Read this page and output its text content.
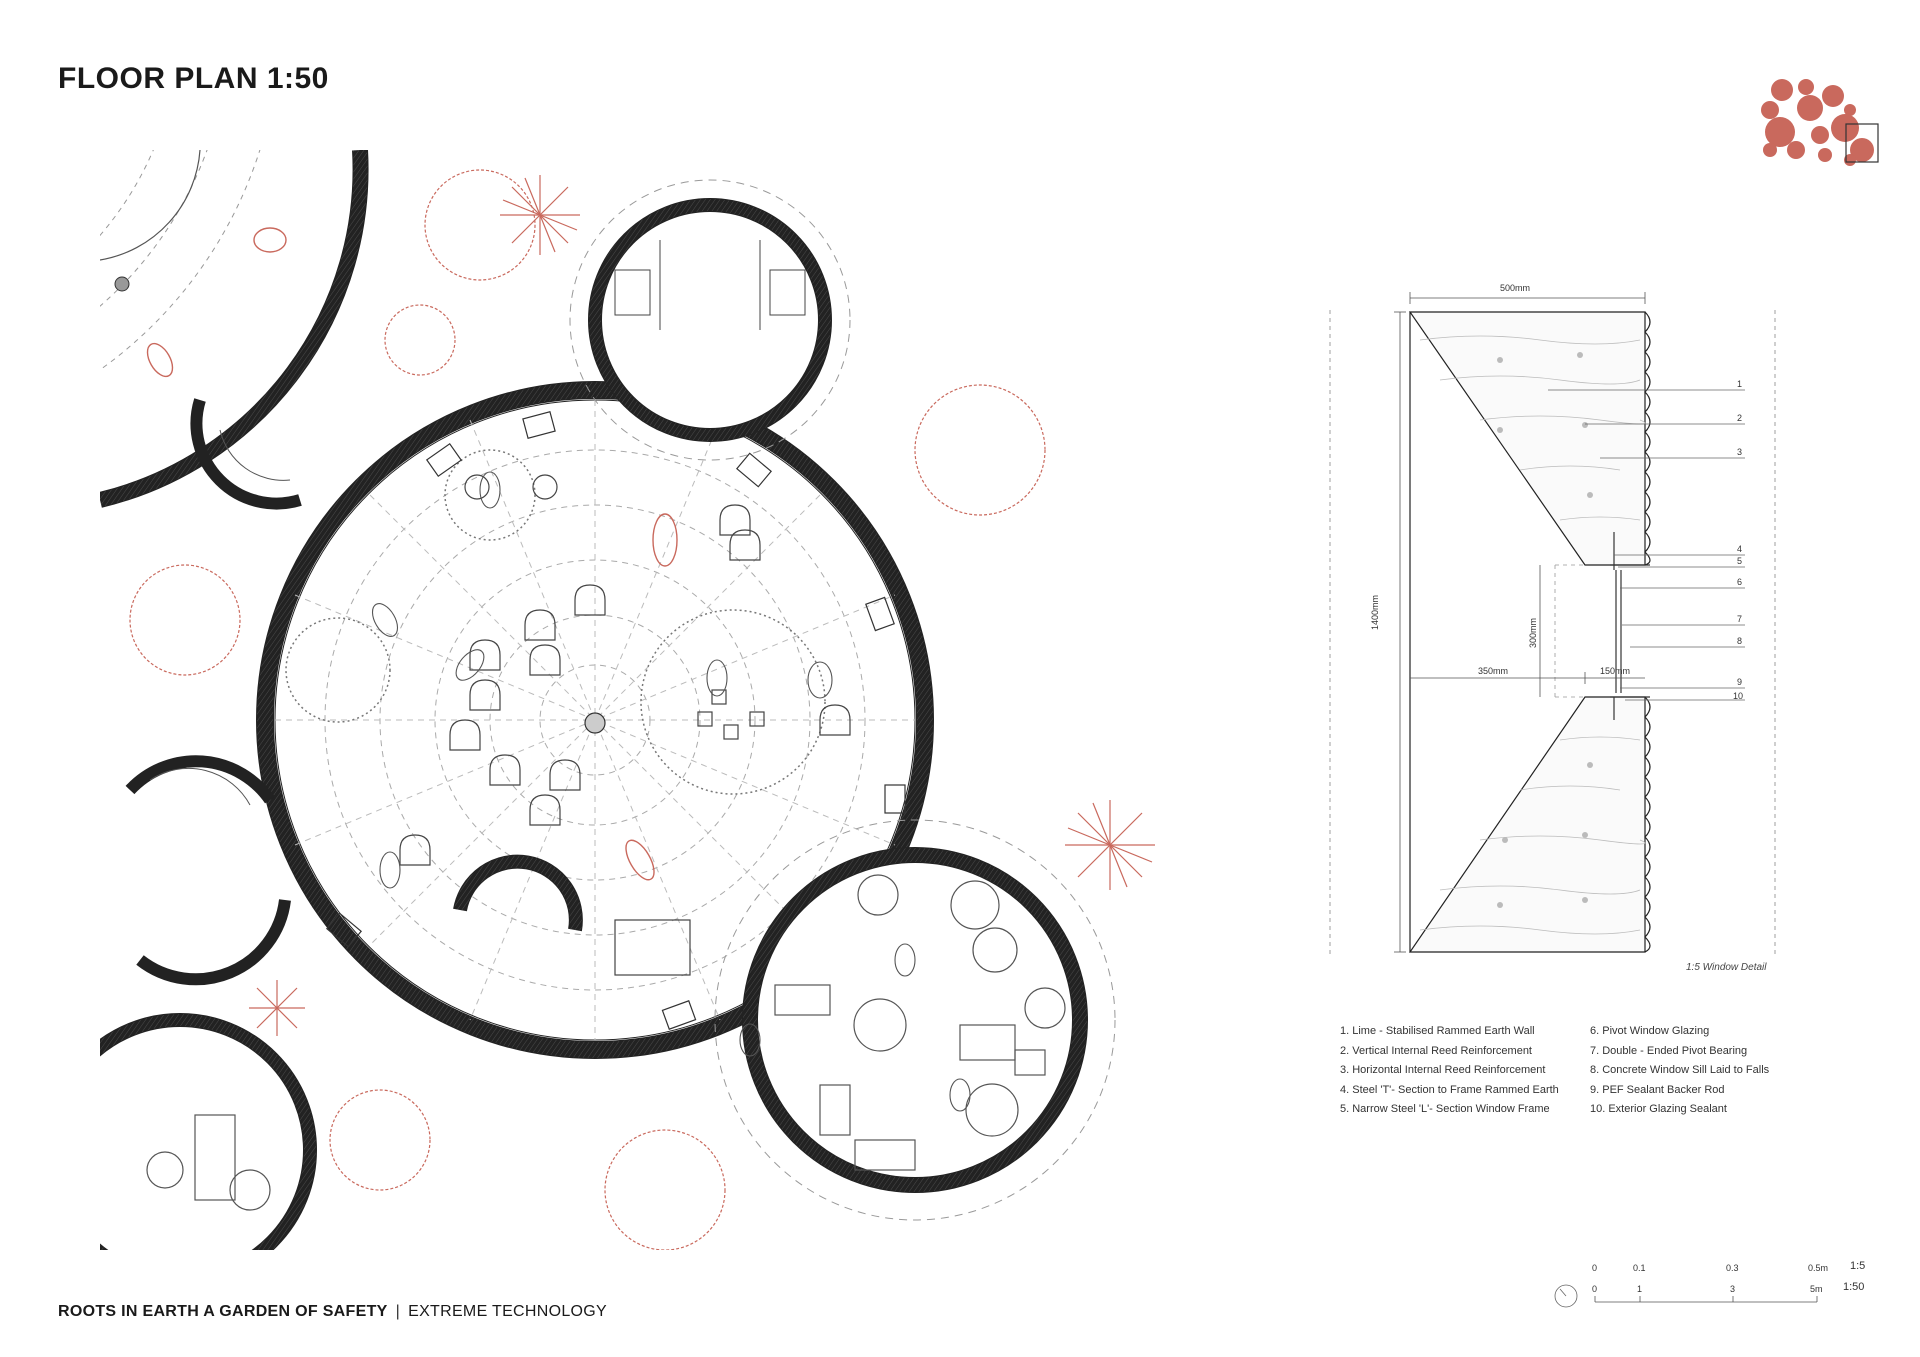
FLOOR PLAN 1:50
500mm
1400mm
300mm
350mm	150mm
1
2
3
4
5
6
7
8
9
10
1:5 Window Detail
1. Lime - Stabilised Rammed Earth Wall
2. Vertical Internal Reed Reinforcement
3. Horizontal Internal Reed Reinforcement
4. Steel 'T'- Section to Frame Rammed Earth
5. Narrow Steel 'L'- Section Window Frame
6. Pivot Window Glazing
7. Double - Ended Pivot Bearing
8. Concrete Window Sill Laid to Falls
9. PEF Sealant Backer Rod
10. Exterior Glazing Sealant
0	0.1	0.3	0.5m 1:5
0	1	3	5m 1:50
ROOTS IN EARTH A GARDEN OF SAFETY | EXTREME TECHNOLOGY
